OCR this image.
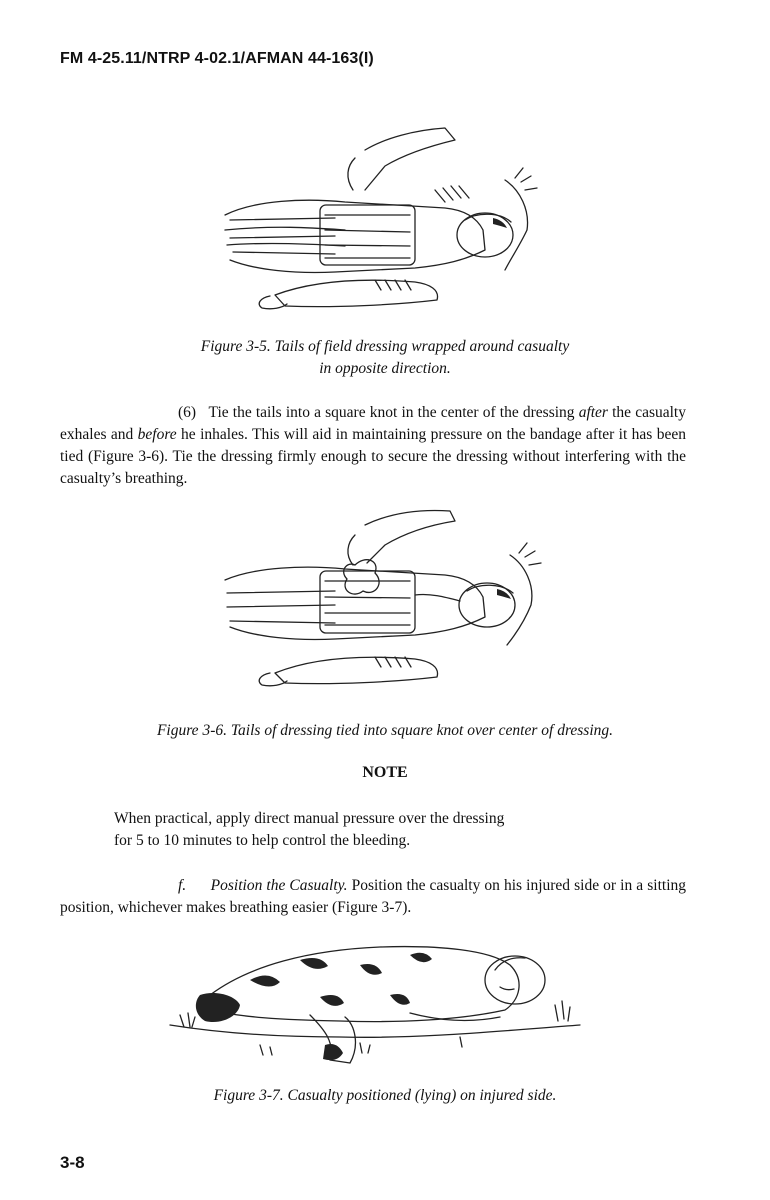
FM 4-25.11/NTRP 4-02.1/AFMAN 44-163(I)
Figure 3-5. Tails of field dressing wrapped around casualty
in opposite direction.
(6) Tie the tails into a square knot in the center of the dressing after the casualty exhales and before he inhales. This will aid in maintaining pressure on the bandage after it has been tied (Figure 3-6). Tie the dressing firmly enough to secure the dressing without interfering with the casualty’s breathing.
Figure 3-6. Tails of dressing tied into square knot over center of dressing.
NOTE
When practical, apply direct manual pressure over the dressing
for 5 to 10 minutes to help control the bleeding.
f. Position the Casualty. Position the casualty on his injured side or in a sitting position, whichever makes breathing easier (Figure 3-7).
Figure 3-7. Casualty positioned (lying) on injured side.
3-8
